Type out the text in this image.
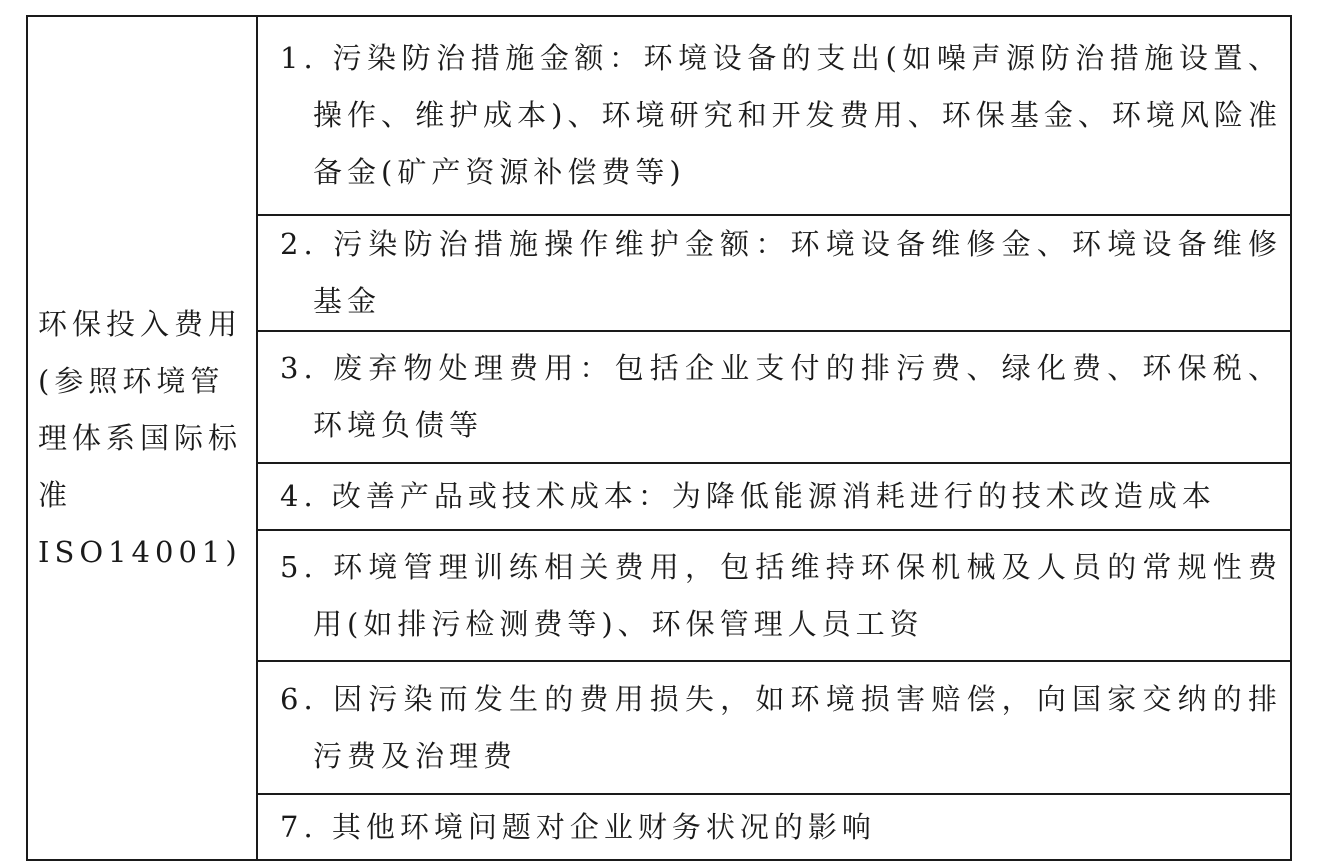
环保投入费用(参照环境管理体系国际标准 ISO14001)	
1. 污染防治措施金额：环境设备的支出(如噪声源防治措施设置、操作、维护成本)、环境研究和开发费用、环保基金、环境风险准备金(矿产资源补偿费等)

2. 污染防治措施操作维护金额：环境设备维修金、环境设备维修基金

3. 废弃物处理费用：包括企业支付的排污费、绿化费、环保税、环境负债等

4. 改善产品或技术成本：为降低能源消耗进行的技术改造成本

5. 环境管理训练相关费用，包括维持环保机械及人员的常规性费用(如排污检测费等)、环保管理人员工资

6. 因污染而发生的费用损失，如环境损害赔偿，向国家交纳的排污费及治理费

7. 其他环境问题对企业财务状况的影响
